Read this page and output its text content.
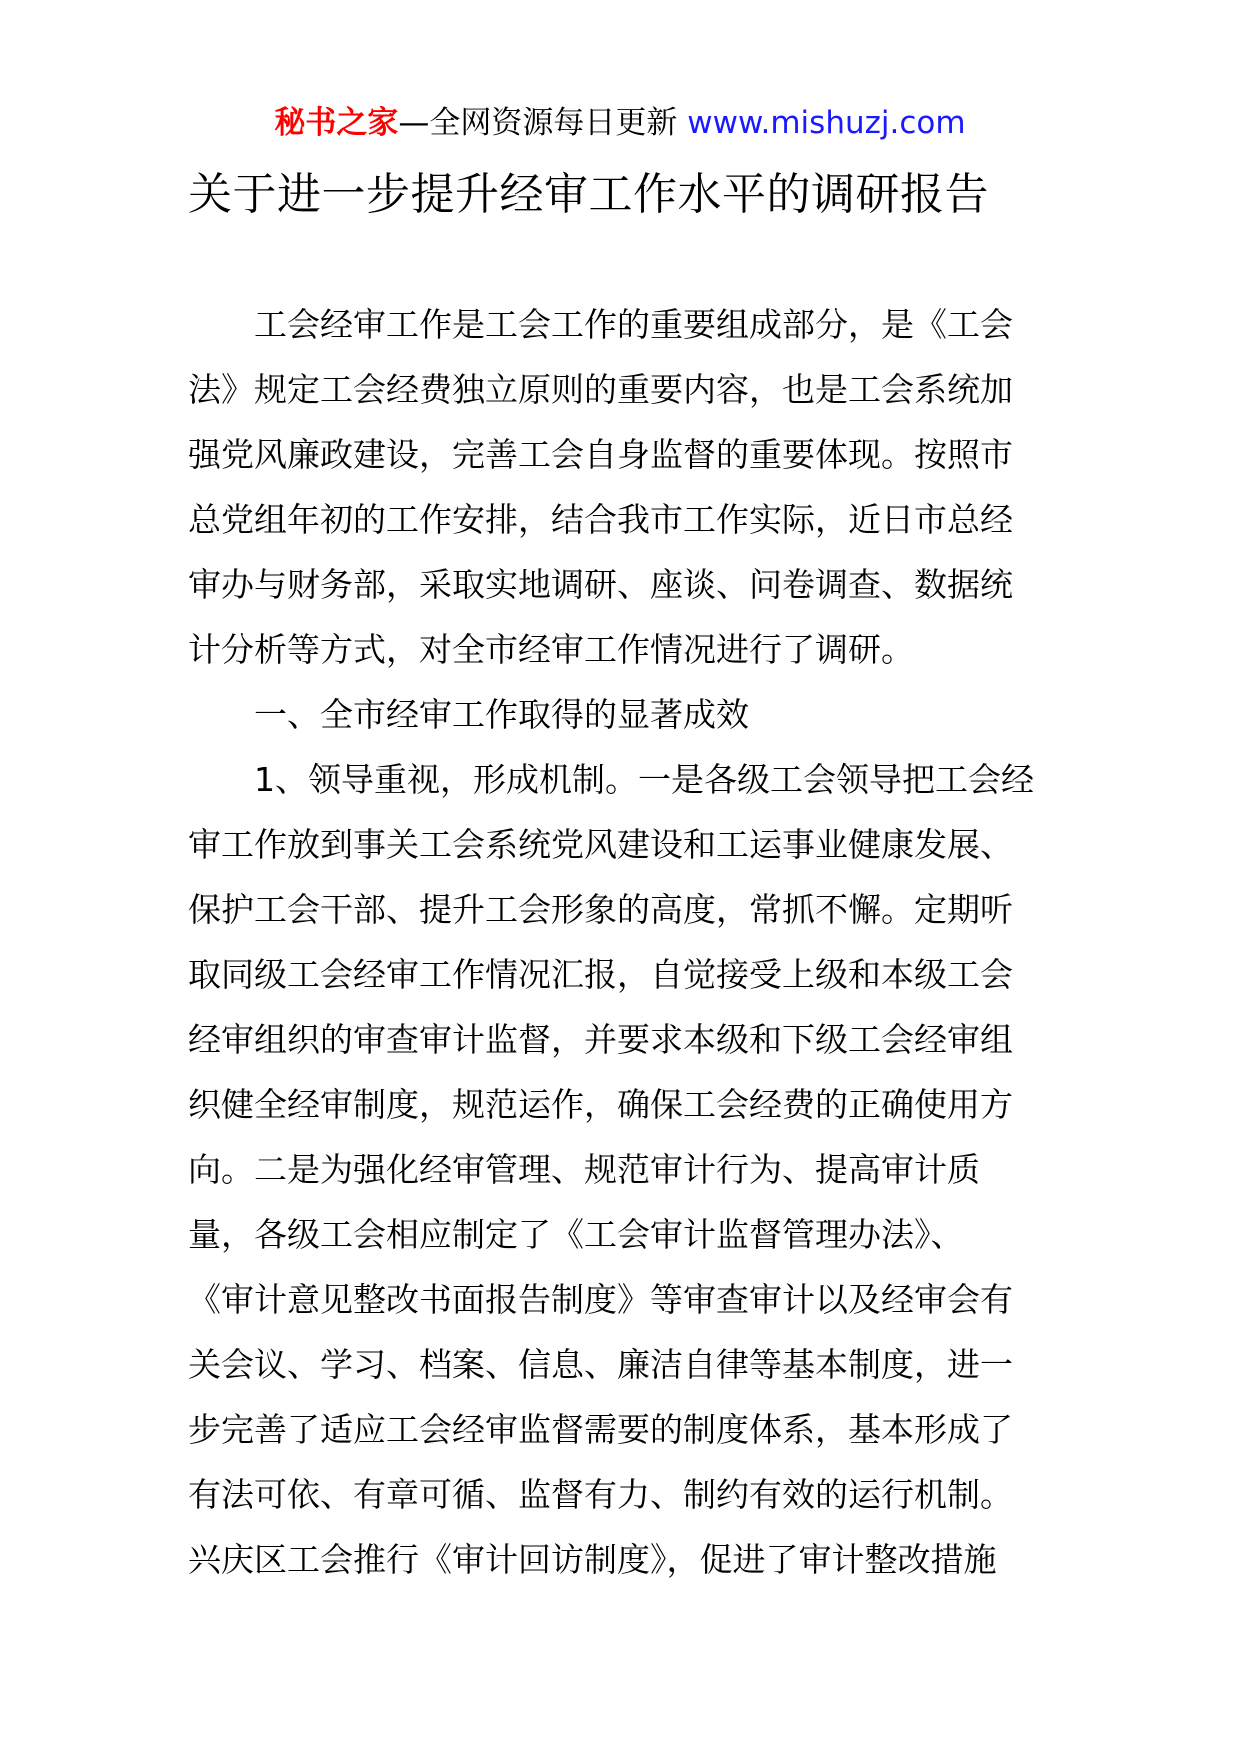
秘书之家—全网资源每日更新 www.mishuzj.com
关于进一步提升经审工作水平的调研报告
工会经审工作是工会工作的重要组成部分，是《工会
法》规定工会经费独立原则的重要内容，也是工会系统加
强党风廉政建设，完善工会自身监督的重要体现。按照市
总党组年初的工作安排，结合我市工作实际，近日市总经
审办与财务部，采取实地调研、座谈、问卷调查、数据统
计分析等方式，对全市经审工作情况进行了调研。
一、全市经审工作取得的显著成效
1、领导重视，形成机制。一是各级工会领导把工会经
审工作放到事关工会系统党风建设和工运事业健康发展、
保护工会干部、提升工会形象的高度，常抓不懈。定期听
取同级工会经审工作情况汇报，自觉接受上级和本级工会
经审组织的审查审计监督，并要求本级和下级工会经审组
织健全经审制度，规范运作，确保工会经费的正确使用方
向。二是为强化经审管理、规范审计行为、提高审计质
量，各级工会相应制定了《工会审计监督管理办法》、
《审计意见整改书面报告制度》等审查审计以及经审会有
关会议、学习、档案、信息、廉洁自律等基本制度，进一
步完善了适应工会经审监督需要的制度体系，基本形成了
有法可依、有章可循、监督有力、制约有效的运行机制。
兴庆区工会推行《审计回访制度》，促进了审计整改措施
